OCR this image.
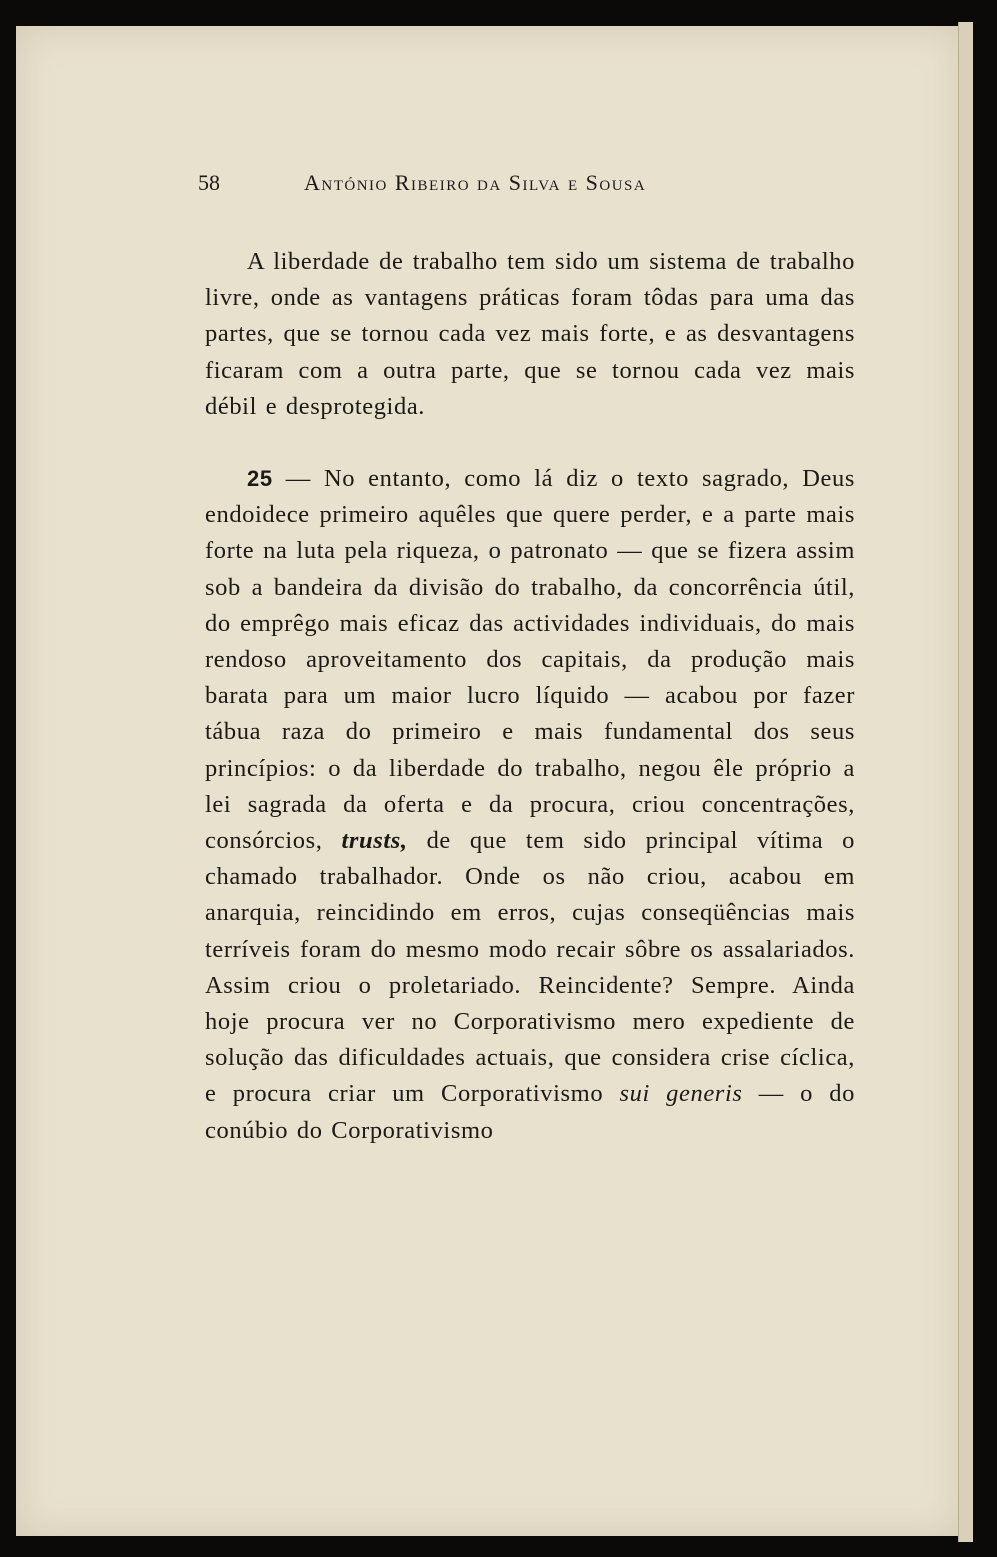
58	António Ribeiro da Silva e Sousa

A liberdade de trabalho tem sido um sistema de trabalho livre, onde as vantagens práticas foram tôdas para uma das partes, que se tornou cada vez mais forte, e as desvantagens ficaram com a outra parte, que se tornou cada vez mais débil e desprotegida.

25 — No entanto, como lá diz o texto sagrado, Deus endoidece primeiro aquêles que quere perder, e a parte mais forte na luta pela riqueza, o patronato — que se fizera assim sob a bandeira da divisão do trabalho, da concorrência útil, do emprêgo mais eficaz das actividades individuais, do mais rendoso aproveitamento dos capitais, da produção mais barata para um maior lucro líquido — acabou por fazer tábua raza do primeiro e mais fundamental dos seus princípios: o da liberdade do trabalho, negou êle próprio a lei sagrada da oferta e da procura, criou concentrações, consórcios, trusts, de que tem sido principal vítima o chamado trabalhador. Onde os não criou, acabou em anarquia, reincidindo em erros, cujas conseqüências mais terríveis foram do mesmo modo recair sôbre os assalariados. Assim criou o proletariado. Reincidente? Sempre. Ainda hoje procura ver no Corporativismo mero expediente de solução das dificuldades actuais, que considera crise cíclica, e procura criar um Corporativismo sui generis — o do conúbio do Corporativismo
